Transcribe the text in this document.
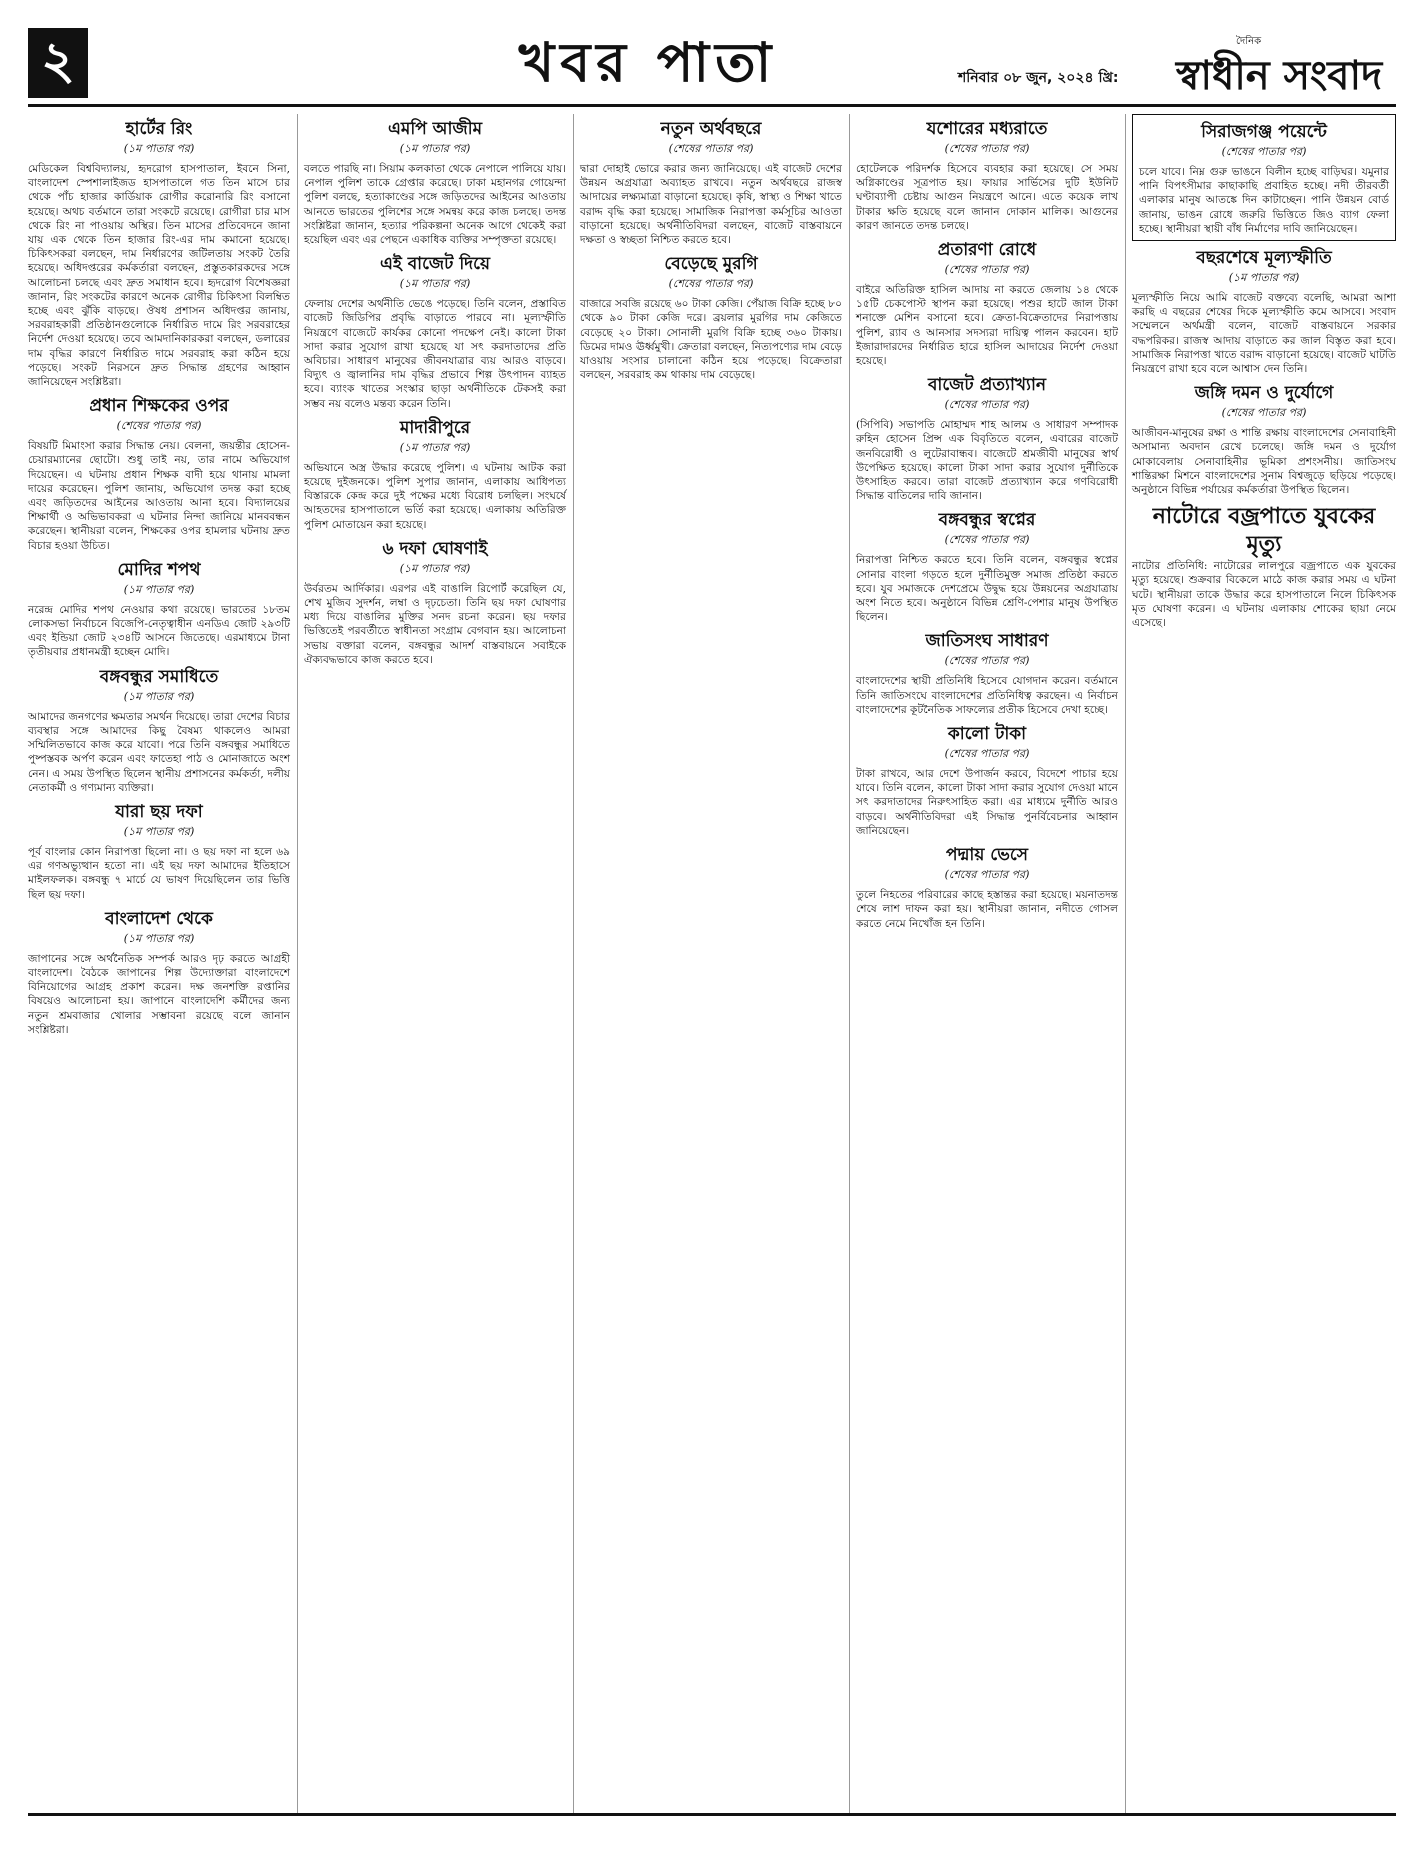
২	খবর পাতা	শনিবার ০৮ জুন, ২০২৪ খ্রি:
দৈনিক
স্বাধীন সংবাদ
হার্টের রিং
(১ম পাতার পর)
মেডিকেল বিশ্ববিদ্যালয়, হৃদরোগ হাসপাতাল, ইবনে সিনা, বাংলাদেশ স্পেশালাইজড হাসপাতালে গত তিন মাসে চার থেকে পাঁচ হাজার কার্ডিয়াক রোগীর করোনারি রিং বসানো হয়েছে। অথচ বর্তমানে তারা সংকটে রয়েছে। রোগীরা চার মাস থেকে রিং না পাওয়ায় অস্থির। তিন মাসের প্রতিবেদনে জানা যায় এক থেকে তিন হাজার রিং-এর দাম কমানো হয়েছে। চিকিৎসকরা বলছেন, দাম নির্ধারণের জটিলতায় সংকট তৈরি হয়েছে। অধিদপ্তরের কর্মকর্তারা বলছেন, প্রস্তুতকারকদের সঙ্গে আলোচনা চলছে এবং দ্রুত সমাধান হবে। হৃদরোগ বিশেষজ্ঞরা জানান, রিং সংকটের কারণে অনেক রোগীর চিকিৎসা বিলম্বিত হচ্ছে এবং ঝুঁকি বাড়ছে। ঔষধ প্রশাসন অধিদপ্তর জানায়, সরবরাহকারী প্রতিষ্ঠানগুলোকে নির্ধারিত দামে রিং সরবরাহের নির্দেশ দেওয়া হয়েছে। তবে আমদানিকারকরা বলছেন, ডলারের দাম বৃদ্ধির কারণে নির্ধারিত দামে সরবরাহ করা কঠিন হয়ে পড়েছে। সংকট নিরসনে দ্রুত সিদ্ধান্ত গ্রহণের আহ্বান জানিয়েছেন সংশ্লিষ্টরা।
প্রধান শিক্ষকের ওপর
(শেষের পাতার পর)
বিষয়টি মিমাংসা করার সিদ্ধান্ত নেয়। বেলনা, জয়ন্তীর হোসেন-চেয়ারম্যানের ছোটো। শুধু তাই নয়, তার নামে অভিযোগ দিয়েছেন। এ ঘটনায় প্রধান শিক্ষক বাদী হয়ে থানায় মামলা দায়ের করেছেন। পুলিশ জানায়, অভিযোগ তদন্ত করা হচ্ছে এবং জড়িতদের আইনের আওতায় আনা হবে। বিদ্যালয়ের শিক্ষার্থী ও অভিভাবকরা এ ঘটনার নিন্দা জানিয়ে মানববন্ধন করেছেন। স্থানীয়রা বলেন, শিক্ষকের ওপর হামলার ঘটনায় দ্রুত বিচার হওয়া উচিত।
মোদির শপথ
(১ম পাতার পর)
নরেন্দ্র মোদির শপথ নেওয়ার কথা রয়েছে। ভারতের ১৮তম লোকসভা নির্বাচনে বিজেপি-নেতৃত্বাধীন এনডিএ জোট ২৯৩টি এবং ইন্ডিয়া জোট ২৩৪টি আসনে জিতেছে। এরমাধ্যমে টানা তৃতীয়বার প্রধানমন্ত্রী হচ্ছেন মোদি।
বঙ্গবন্ধুর সমাধিতে
(১ম পাতার পর)
আমাদের জনগণের ক্ষমতার সমর্থন দিয়েছে। তারা দেশের বিচার ব্যবস্থার সঙ্গে আমাদের কিছু বৈষম্য থাকলেও আমরা সম্মিলিতভাবে কাজ করে যাবো। পরে তিনি বঙ্গবন্ধুর সমাধিতে পুষ্পস্তবক অর্পণ করেন এবং ফাতেহা পাঠ ও মোনাজাতে অংশ নেন। এ সময় উপস্থিত ছিলেন স্থানীয় প্রশাসনের কর্মকর্তা, দলীয় নেতাকর্মী ও গণ্যমান্য ব্যক্তিরা।
যারা ছয় দফা
(১ম পাতার পর)
পূর্ব বাংলার কোন নিরাপত্তা ছিলো না। ও ছয় দফা না হলে ৬৯ এর গণঅভ্যুত্থান হতো না। এই ছয় দফা আমাদের ইতিহাসে মাইলফলক। বঙ্গবন্ধু ৭ মার্চে যে ভাষণ দিয়েছিলেন তার ভিত্তি ছিল ছয় দফা।
বাংলাদেশ থেকে
(১ম পাতার পর)
জাপানের সঙ্গে অর্থনৈতিক সম্পর্ক আরও দৃঢ় করতে আগ্রহী বাংলাদেশ। বৈঠকে জাপানের শিল্প উদ্যোক্তারা বাংলাদেশে বিনিয়োগের আগ্রহ প্রকাশ করেন। দক্ষ জনশক্তি রপ্তানির বিষয়েও আলোচনা হয়। জাপানে বাংলাদেশি কর্মীদের জন্য নতুন শ্রমবাজার খোলার সম্ভাবনা রয়েছে বলে জানান সংশ্লিষ্টরা।
এমপি আজীম
(১ম পাতার পর)
বলতে পারছি না। সিয়াম কলকাতা থেকে নেপালে পালিয়ে যায়। নেপাল পুলিশ তাকে গ্রেপ্তার করেছে। ঢাকা মহানগর গোয়েন্দা পুলিশ বলছে, হত্যাকাণ্ডের সঙ্গে জড়িতদের আইনের আওতায় আনতে ভারতের পুলিশের সঙ্গে সমন্বয় করে কাজ চলছে। তদন্ত সংশ্লিষ্টরা জানান, হত্যার পরিকল্পনা অনেক আগে থেকেই করা হয়েছিল এবং এর পেছনে একাধিক ব্যক্তির সম্পৃক্ততা রয়েছে।
এই বাজেট দিয়ে
(১ম পাতার পর)
ফেলায় দেশের অর্থনীতি ভেঙে পড়েছে। তিনি বলেন, প্রস্তাবিত বাজেট জিডিপির প্রবৃদ্ধি বাড়াতে পারবে না। মূল্যস্ফীতি নিয়ন্ত্রণে বাজেটে কার্যকর কোনো পদক্ষেপ নেই। কালো টাকা সাদা করার সুযোগ রাখা হয়েছে যা সৎ করদাতাদের প্রতি অবিচার। সাধারণ মানুষের জীবনযাত্রার ব্যয় আরও বাড়বে। বিদ্যুৎ ও জ্বালানির দাম বৃদ্ধির প্রভাবে শিল্প উৎপাদন ব্যাহত হবে। ব্যাংক খাতের সংস্কার ছাড়া অর্থনীতিকে টেকসই করা সম্ভব নয় বলেও মন্তব্য করেন তিনি।
মাদারীপুরে
(১ম পাতার পর)
অভিযানে অস্ত্র উদ্ধার করেছে পুলিশ। এ ঘটনায় আটক করা হয়েছে দুইজনকে। পুলিশ সুপার জানান, এলাকায় আধিপত্য বিস্তারকে কেন্দ্র করে দুই পক্ষের মধ্যে বিরোধ চলছিল। সংঘর্ষে আহতদের হাসপাতালে ভর্তি করা হয়েছে। এলাকায় অতিরিক্ত পুলিশ মোতায়েন করা হয়েছে।
৬ দফা ঘোষণাই
(১ম পাতার পর)
উর্বরতম আর্দিকার। এরপর এই বাঙালি রিপোর্ট করেছিল যে, শেখ মুজিব সুদর্শন, লম্বা ও দৃঢ়চেতা। তিনি ছয় দফা ঘোষণার মধ্য দিয়ে বাঙালির মুক্তির সনদ রচনা করেন। ছয় দফার ভিত্তিতেই পরবর্তীতে স্বাধীনতা সংগ্রাম বেগবান হয়। আলোচনা সভায় বক্তারা বলেন, বঙ্গবন্ধুর আদর্শ বাস্তবায়নে সবাইকে ঐক্যবদ্ধভাবে কাজ করতে হবে।
নতুন অর্থবছরে
(শেষের পাতার পর)
দ্বারা দোহাই ভোরে করার জন্য জানিয়েছে। এই বাজেট দেশের উন্নয়ন অগ্রযাত্রা অব্যাহত রাখবে। নতুন অর্থবছরে রাজস্ব আদায়ের লক্ষ্যমাত্রা বাড়ানো হয়েছে। কৃষি, স্বাস্থ্য ও শিক্ষা খাতে বরাদ্দ বৃদ্ধি করা হয়েছে। সামাজিক নিরাপত্তা কর্মসূচির আওতা বাড়ানো হয়েছে। অর্থনীতিবিদরা বলছেন, বাজেট বাস্তবায়নে দক্ষতা ও স্বচ্ছতা নিশ্চিত করতে হবে।
বেড়েছে মুরগি
(শেষের পাতার পর)
বাজারে সবজি রয়েছে ৬০ টাকা কেজি। পেঁয়াজ বিক্রি হচ্ছে ৮০ থেকে ৯০ টাকা কেজি দরে। ব্রয়লার মুরগির দাম কেজিতে বেড়েছে ২০ টাকা। সোনালী মুরগি বিক্রি হচ্ছে ৩৬০ টাকায়। ডিমের দামও ঊর্ধ্বমুখী। ক্রেতারা বলছেন, নিত্যপণ্যের দাম বেড়ে যাওয়ায় সংসার চালানো কঠিন হয়ে পড়েছে। বিক্রেতারা বলছেন, সরবরাহ কম থাকায় দাম বেড়েছে।
যশোরের মধ্যরাতে
(শেষের পাতার পর)
হোটেলকে পরিদর্শক হিসেবে ব্যবহার করা হয়েছে। সে সময় অগ্নিকাণ্ডের সূত্রপাত হয়। ফায়ার সার্ভিসের দুটি ইউনিট ঘণ্টাব্যাপী চেষ্টায় আগুন নিয়ন্ত্রণে আনে। এতে কয়েক লাখ টাকার ক্ষতি হয়েছে বলে জানান দোকান মালিক। আগুনের কারণ জানতে তদন্ত চলছে।
প্রতারণা রোধে
(শেষের পাতার পর)
বাইরে অতিরিক্ত হাসিল আদায় না করতে জেলায় ১৪ থেকে ১৫টি চেকপোস্ট স্থাপন করা হয়েছে। পশুর হাটে জাল টাকা শনাক্তে মেশিন বসানো হবে। ক্রেতা-বিক্রেতাদের নিরাপত্তায় পুলিশ, র‍্যাব ও আনসার সদস্যরা দায়িত্ব পালন করবেন। হাট ইজারাদারদের নির্ধারিত হারে হাসিল আদায়ের নির্দেশ দেওয়া হয়েছে।
বাজেট প্রত্যাখ্যান
(শেষের পাতার পর)
(সিপিবি) সভাপতি মোহাম্মদ শাহ আলম ও সাধারণ সম্পাদক রুহিন হোসেন প্রিন্স এক বিবৃতিতে বলেন, এবারের বাজেট জনবিরোধী ও লুটেরাবান্ধব। বাজেটে শ্রমজীবী মানুষের স্বার্থ উপেক্ষিত হয়েছে। কালো টাকা সাদা করার সুযোগ দুর্নীতিকে উৎসাহিত করবে। তারা বাজেট প্রত্যাখ্যান করে গণবিরোধী সিদ্ধান্ত বাতিলের দাবি জানান।
বঙ্গবন্ধুর স্বপ্নের
(শেষের পাতার পর)
নিরাপত্তা নিশ্চিত করতে হবে। তিনি বলেন, বঙ্গবন্ধুর স্বপ্নের সোনার বাংলা গড়তে হলে দুর্নীতিমুক্ত সমাজ প্রতিষ্ঠা করতে হবে। যুব সমাজকে দেশপ্রেমে উদ্বুদ্ধ হয়ে উন্নয়নের অগ্রযাত্রায় অংশ নিতে হবে। অনুষ্ঠানে বিভিন্ন শ্রেণি-পেশার মানুষ উপস্থিত ছিলেন।
জাতিসংঘ সাধারণ
(শেষের পাতার পর)
বাংলাদেশের স্থায়ী প্রতিনিধি হিসেবে যোগদান করেন। বর্তমানে তিনি জাতিসংঘে বাংলাদেশের প্রতিনিধিত্ব করছেন। এ নির্বাচন বাংলাদেশের কূটনৈতিক সাফল্যের প্রতীক হিসেবে দেখা হচ্ছে।
কালো টাকা
(শেষের পাতার পর)
টাকা রাখবে, আর দেশে উপার্জন করবে, বিদেশে পাচার হয়ে যাবে। তিনি বলেন, কালো টাকা সাদা করার সুযোগ দেওয়া মানে সৎ করদাতাদের নিরুৎসাহিত করা। এর মাধ্যমে দুর্নীতি আরও বাড়বে। অর্থনীতিবিদরা এই সিদ্ধান্ত পুনর্বিবেচনার আহ্বান জানিয়েছেন।
পদ্মায় ভেসে
(শেষের পাতার পর)
তুলে নিহতের পরিবারের কাছে হস্তান্তর করা হয়েছে। ময়নাতদন্ত শেষে লাশ দাফন করা হয়। স্থানীয়রা জানান, নদীতে গোসল করতে নেমে নিখোঁজ হন তিনি।
সিরাজগঞ্জ পয়েন্টে
(শেষের পাতার পর)
চলে যাবে। নিম্ন গুরু ভাঙনে বিলীন হচ্ছে বাড়িঘর। যমুনার পানি বিপৎসীমার কাছাকাছি প্রবাহিত হচ্ছে। নদী তীরবর্তী এলাকার মানুষ আতঙ্কে দিন কাটাচ্ছেন। পানি উন্নয়ন বোর্ড জানায়, ভাঙন রোধে জরুরি ভিত্তিতে জিও ব্যাগ ফেলা হচ্ছে। স্থানীয়রা স্থায়ী বাঁধ নির্মাণের দাবি জানিয়েছেন।
বছরশেষে মূল্যস্ফীতি
(১ম পাতার পর)
মূল্যস্ফীতি নিয়ে আমি বাজেট বক্তব্যে বলেছি, আমরা আশা করছি এ বছরের শেষের দিকে মূল্যস্ফীতি কমে আসবে। সংবাদ সম্মেলনে অর্থমন্ত্রী বলেন, বাজেট বাস্তবায়নে সরকার বদ্ধপরিকর। রাজস্ব আদায় বাড়াতে কর জাল বিস্তৃত করা হবে। সামাজিক নিরাপত্তা খাতে বরাদ্দ বাড়ানো হয়েছে। বাজেট ঘাটতি নিয়ন্ত্রণে রাখা হবে বলে আশ্বাস দেন তিনি।
জঙ্গি দমন ও দুর্যোগে
(শেষের পাতার পর)
আজীবন-মানুষের রক্ষা ও শান্তি রক্ষায় বাংলাদেশের সেনাবাহিনী অসামান্য অবদান রেখে চলেছে। জঙ্গি দমন ও দুর্যোগ মোকাবেলায় সেনাবাহিনীর ভূমিকা প্রশংসনীয়। জাতিসংঘ শান্তিরক্ষা মিশনে বাংলাদেশের সুনাম বিশ্বজুড়ে ছড়িয়ে পড়েছে। অনুষ্ঠানে বিভিন্ন পর্যায়ের কর্মকর্তারা উপস্থিত ছিলেন।
নাটোরে বজ্রপাতে যুবকের মৃত্যু
নাটোর প্রতিনিধি: নাটোরের লালপুরে বজ্রপাতে এক যুবকের মৃত্যু হয়েছে। শুক্রবার বিকেলে মাঠে কাজ করার সময় এ ঘটনা ঘটে। স্থানীয়রা তাকে উদ্ধার করে হাসপাতালে নিলে চিকিৎসক মৃত ঘোষণা করেন। এ ঘটনায় এলাকায় শোকের ছায়া নেমে এসেছে।
